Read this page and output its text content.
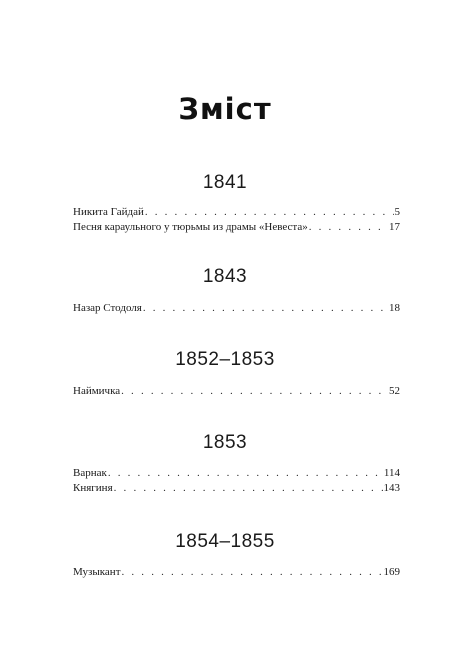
Зміст
1841
Никита Гайдай . . .	5
Песня караульного у тюрьмы из драмы «Невеста» . . .	17
1843
Назар Стодоля . . .	18
1852–1853
Наймичка . . .	52
1853
Варнак . . .	114
Княгиня . . .	143
1854–1855
Музыкант . . .	169
